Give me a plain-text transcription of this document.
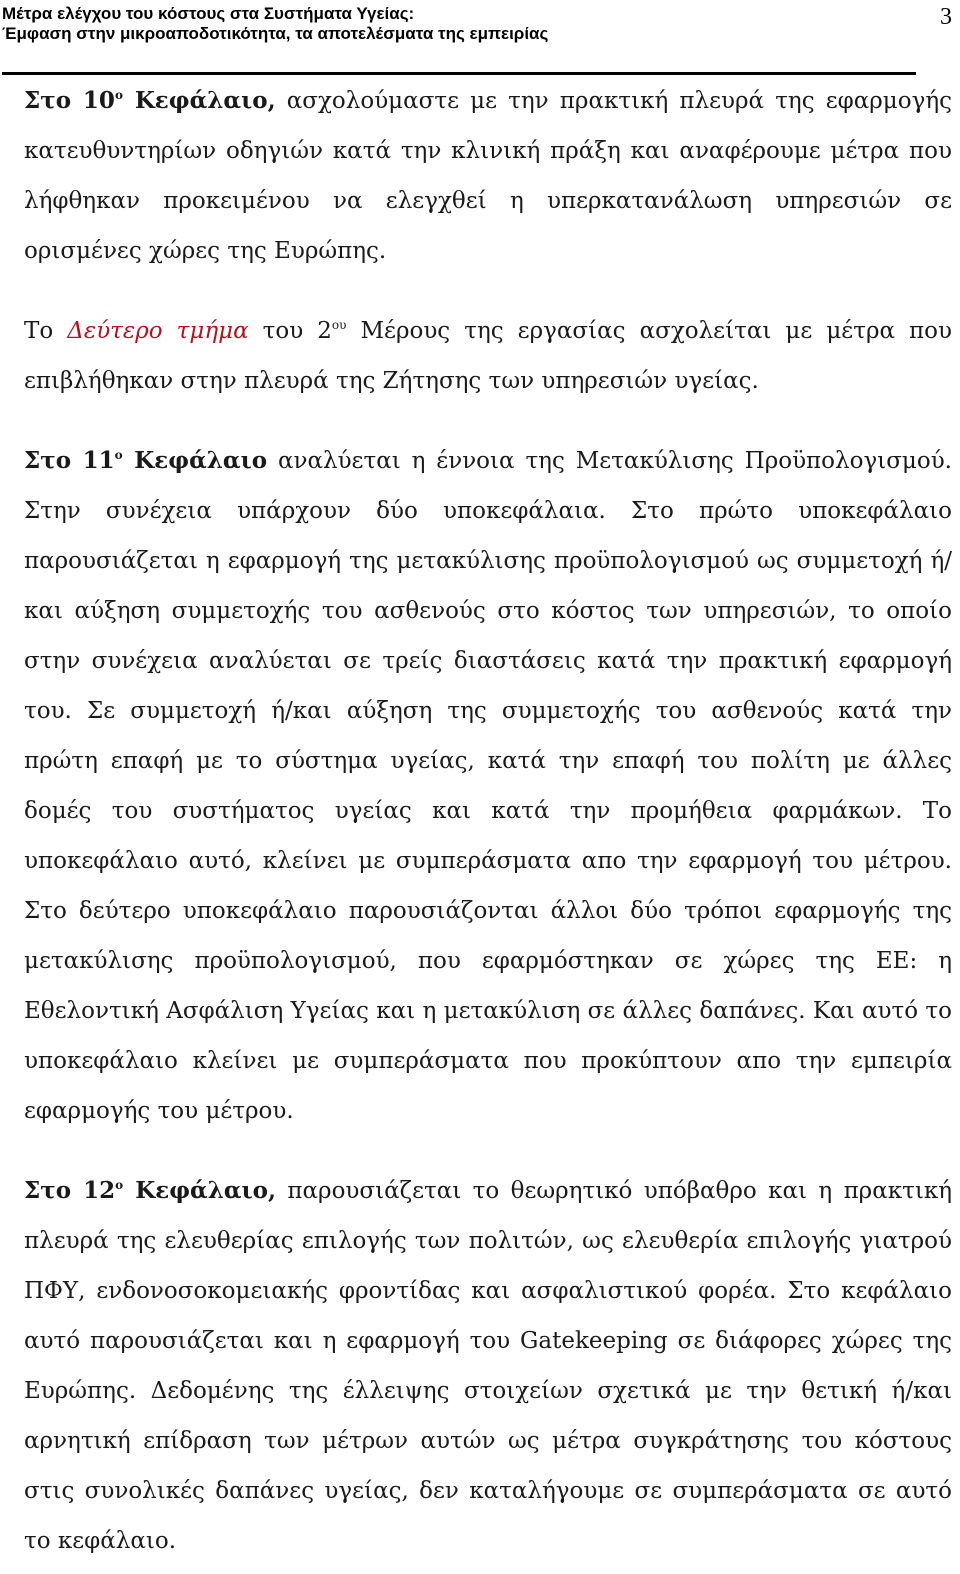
Μέτρα ελέγχου του κόστους στα Συστήματα Υγείας:
Έμφαση στην μικροαποδοτικότητα, τα αποτελέσματα της εμπειρίας
3

Στο $10^o$ Κεφάλαιο, ασχολούμαστε με την πρακτική πλευρά της εφαρμογής κατευθυντηρίων οδηγιών κατά την κλινική πράξη και αναφέρουμε μέτρα που λήφθηκαν προκειμένου να ελεγχθεί η υπερκατανάλωση υπηρεσιών σε ορισμένες χώρες της Ευρώπης.

Το Δεύτερο τμήμα του $2^{o\upsilon}$ Μέρους της εργασίας ασχολείται με μέτρα που επιβλήθηκαν στην πλευρά της Ζήτησης των υπηρεσιών υγείας.

Στο $11^o$ Κεφάλαιο αναλύεται η έννοια της Μετακύλισης Προϋπολογισμού. Στην συνέχεια υπάρχουν δύο υποκεφάλαια. Στο πρώτο υποκεφάλαιο παρουσιάζεται η εφαρμογή της μετακύλισης προϋπολογισμού ως συμμετοχή ή/και αύξηση συμμετοχής του ασθενούς στο κόστος των υπηρεσιών, το οποίο στην συνέχεια αναλύεται σε τρείς διαστάσεις κατά την πρακτική εφαρμογή του. Σε συμμετοχή ή/και αύξηση της συμμετοχής του ασθενούς κατά την πρώτη επαφή με το σύστημα υγείας, κατά την επαφή του πολίτη με άλλες δομές του συστήματος υγείας και κατά την προμήθεια φαρμάκων. Το υποκεφάλαιο αυτό, κλείνει με συμπεράσματα απο την εφαρμογή του μέτρου. Στο δεύτερο υποκεφάλαιο παρουσιάζονται άλλοι δύο τρόποι εφαρμογής της μετακύλισης προϋπολογισμού, που εφαρμόστηκαν σε χώρες της ΕΕ: η Εθελοντική Ασφάλιση Υγείας και η μετακύλιση σε άλλες δαπάνες. Και αυτό το υποκεφάλαιο κλείνει με συμπεράσματα που προκύπτουν απο την εμπειρία εφαρμογής του μέτρου.

Στο $12^o$ Κεφάλαιο, παρουσιάζεται το θεωρητικό υπόβαθρο και η πρακτική πλευρά της ελευθερίας επιλογής των πολιτών, ως ελευθερία επιλογής γιατρού ΠΦΥ, ενδονοσοκομειακής φροντίδας και ασφαλιστικού φορέα. Στο κεφάλαιο αυτό παρουσιάζεται και η εφαρμογή του Gatekeeping σε διάφορες χώρες της Ευρώπης. Δεδομένης της έλλειψης στοιχείων σχετικά με την θετική ή/και αρνητική επίδραση των μέτρων αυτών ως μέτρα συγκράτησης του κόστους στις συνολικές δαπάνες υγείας, δεν καταλήγουμε σε συμπεράσματα σε αυτό το κεφάλαιο.
